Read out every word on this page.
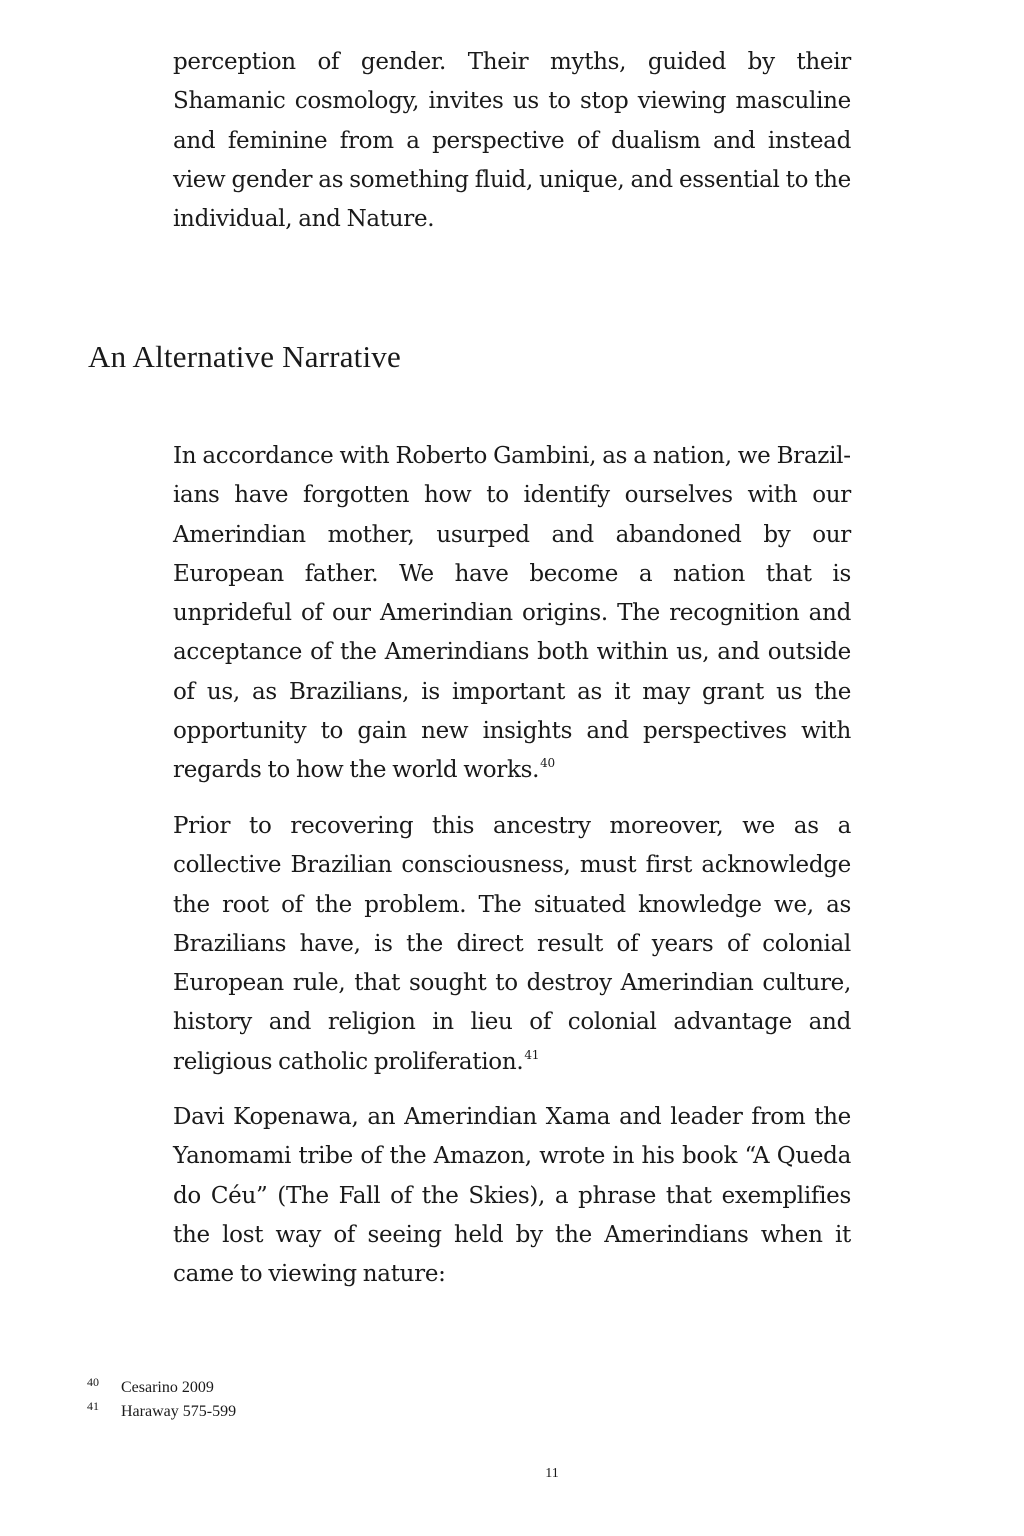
perception of gender. Their myths, guided by their Shamanic cosmology, invites us to stop viewing masculine and feminine from a perspective of dualism and instead view gender as something fluid, unique, and essential to the individual, and Nature.

An Alternative Narrative

In accordance with Roberto Gambini, as a nation, we Brazilians have forgotten how to identify ourselves with our Amerindian mother, usurped and abandoned by our European father. We have become a nation that is unprideful of our Amerindian origins. The recognition and acceptance of the Amerindians both within us, and outside of us, as Brazilians, is important as it may grant us the opportunity to gain new insights and perspectives with regards to how the world works.$^{40}$

Prior to recovering this ancestry moreover, we as a collective Brazilian consciousness, must first acknowledge the root of the problem. The situated knowledge we, as Brazilians have, is the direct result of years of colonial European rule, that sought to destroy Amerindian culture, history and religion in lieu of colonial advantage and religious catholic proliferation.$^{41}$

Davi Kopenawa, an Amerindian Xama and leader from the Yanomami tribe of the Amazon, wrote in his book “A Queda do Céu” (The Fall of the Skies), a phrase that exemplifies the lost way of seeing held by the Amerindians when it came to viewing nature:

40 Cesarino 2009
41 Haraway 575-599
11
